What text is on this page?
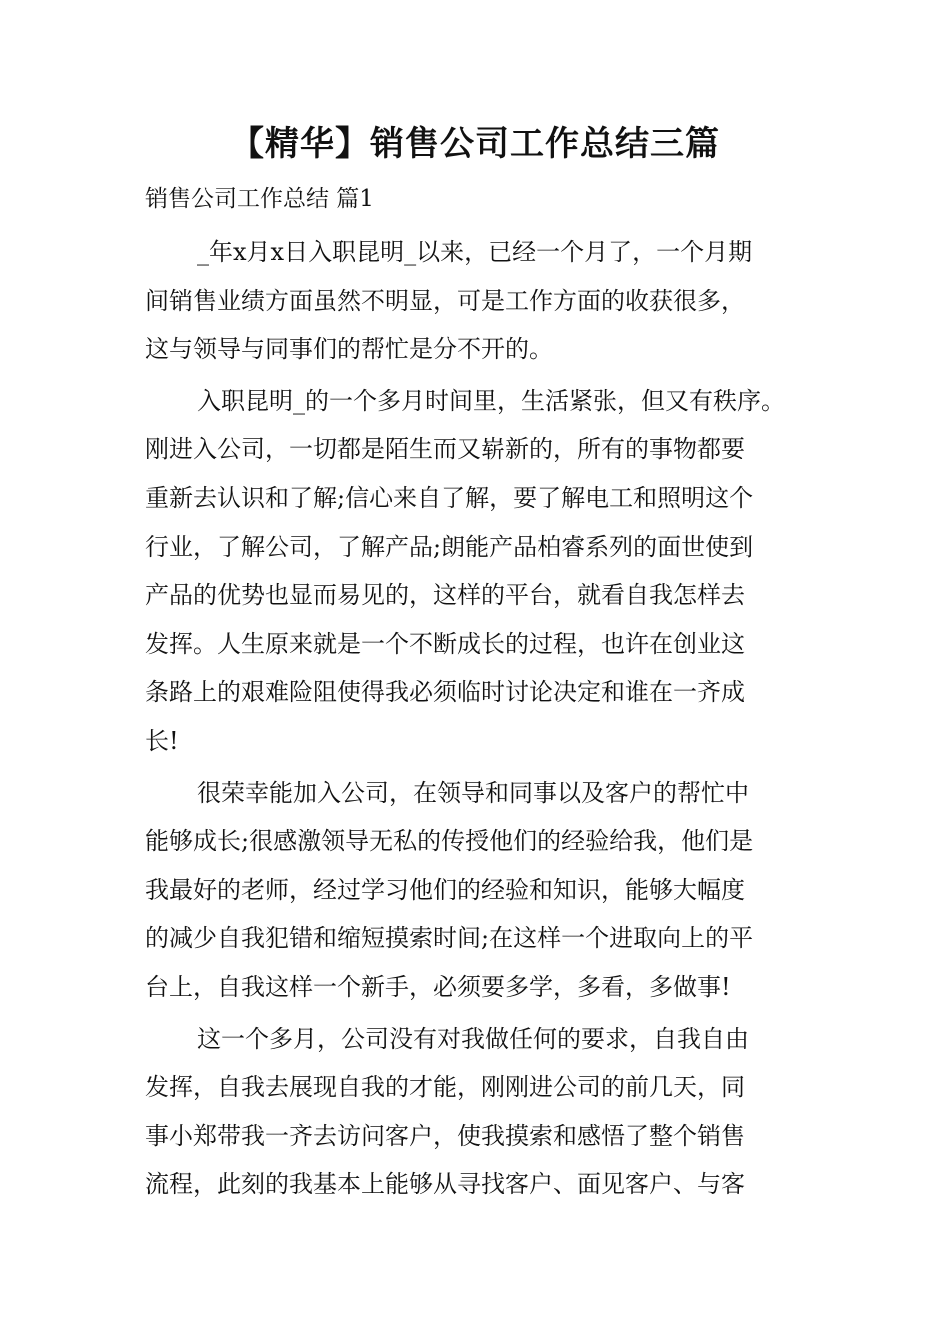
【精华】销售公司工作总结三篇
销售公司工作总结 篇1
_年x月x日入职昆明_以来，已经一个月了，一个月期
间销售业绩方面虽然不明显，可是工作方面的收获很多，
这与领导与同事们的帮忙是分不开的。
入职昆明_的一个多月时间里，生活紧张，但又有秩序。
刚进入公司，一切都是陌生而又崭新的，所有的事物都要
重新去认识和了解;信心来自了解，要了解电工和照明这个
行业，了解公司，了解产品;朗能产品柏睿系列的面世使到
产品的优势也显而易见的，这样的平台，就看自我怎样去
发挥。人生原来就是一个不断成长的过程，也许在创业这
条路上的艰难险阻使得我必须临时讨论决定和谁在一齐成
长!
很荣幸能加入公司，在领导和同事以及客户的帮忙中
能够成长;很感激领导无私的传授他们的经验给我，他们是
我最好的老师，经过学习他们的经验和知识，能够大幅度
的减少自我犯错和缩短摸索时间;在这样一个进取向上的平
台上，自我这样一个新手，必须要多学，多看，多做事!
这一个多月，公司没有对我做任何的要求，自我自由
发挥，自我去展现自我的才能，刚刚进公司的前几天，同
事小郑带我一齐去访问客户，使我摸索和感悟了整个销售
流程，此刻的我基本上能够从寻找客户、面见客户、与客
